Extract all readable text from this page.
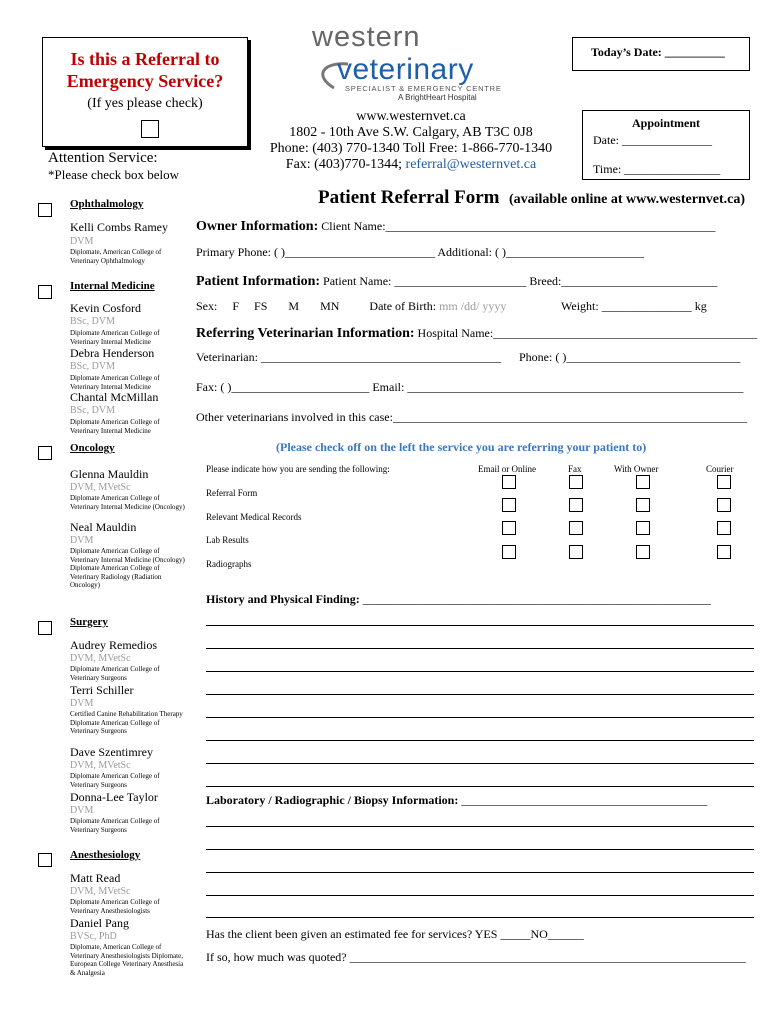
Is this a Referral to
Emergency Service?
(If yes please check)
Attention Service:
*Please check box below
western
veterinary
SPECIALIST & EMERGENCY CENTRE
A BrightHeart Hospital
www.westernvet.ca
1802 - 10th Ave S.W. Calgary, AB T3C 0J8
Phone: (403) 770-1340 Toll Free: 1-866-770-1340
Fax: (403)770-1344; referral@westernvet.ca
Today’s Date: __________
Appointment
Date: _______________
Time: ________________
Patient Referral Form (available online at www.westernvet.ca)
Ophthalmology
Kelli Combs Ramey
DVM
Diplomate, American College of Veterinary Ophthalmology
Internal Medicine
Kevin Cosford
BSc, DVM
Diplomate American College of Veterinary Internal Medicine
Debra Henderson
BSc, DVM
Diplomate American College of Veterinary Internal Medicine
Chantal McMillan
BSc, DVM
Diplomate American College of Veterinary Internal Medicine
Oncology
Glenna Mauldin
DVM, MVetSc
Diplomate American College of Veterinary Internal Medicine (Oncology)
Neal Mauldin
DVM
Diplomate American College of Veterinary Internal Medicine (Oncology) Diplomate American College of Veterinary Radiology (Radiation Oncology)
Surgery
Audrey Remedios
DVM, MVetSc
Diplomate American College of Veterinary Surgeons
Terri Schiller
DVM
Certified Canine Rehabilitation Therapy Diplomate American College of Veterinary Surgeons
Dave Szentimrey
DVM, MVetSc
Diplomate American College of Veterinary Surgeons
Donna-Lee Taylor
DVM
Diplomate American College of Veterinary Surgeons
Anesthesiology
Matt Read
DVM, MVetSc
Diplomate American College of Veterinary Anesthesiologists
Daniel Pang
BVSc, PhD
Diplomate, American College of Veterinary Anesthesiologists Diplomate, European College Veterinary Anesthesia & Analgesia
Owner Information: Client Name:_______________________________________________________
Primary Phone: ( )_________________________ Additional: ( )_______________________
Patient Information: Patient Name: ______________________ Breed:__________________________
Sex: F FS M MN	Date of Birth: mm /dd/ yyyy	Weight: _______________ kg
Referring Veterinarian Information: Hospital Name:____________________________________________
Veterinarian: ________________________________________ Phone: ( )_____________________________
Fax: ( )_______________________ Email: ________________________________________________________
Other veterinarians involved in this case:___________________________________________________________
(Please check off on the left the service you are referring your patient to)
Please indicate how you are sending the following:	Email or Online	Fax	With Owner	Courier
Referral Form
Relevant Medical Records
Lab Results
Radiographs
History and Physical Finding: __________________________________________________________
Laboratory / Radiographic / Biopsy Information: _________________________________________
Has the client been given an estimated fee for services? YES _____NO______
If so, how much was quoted? __________________________________________________________________
